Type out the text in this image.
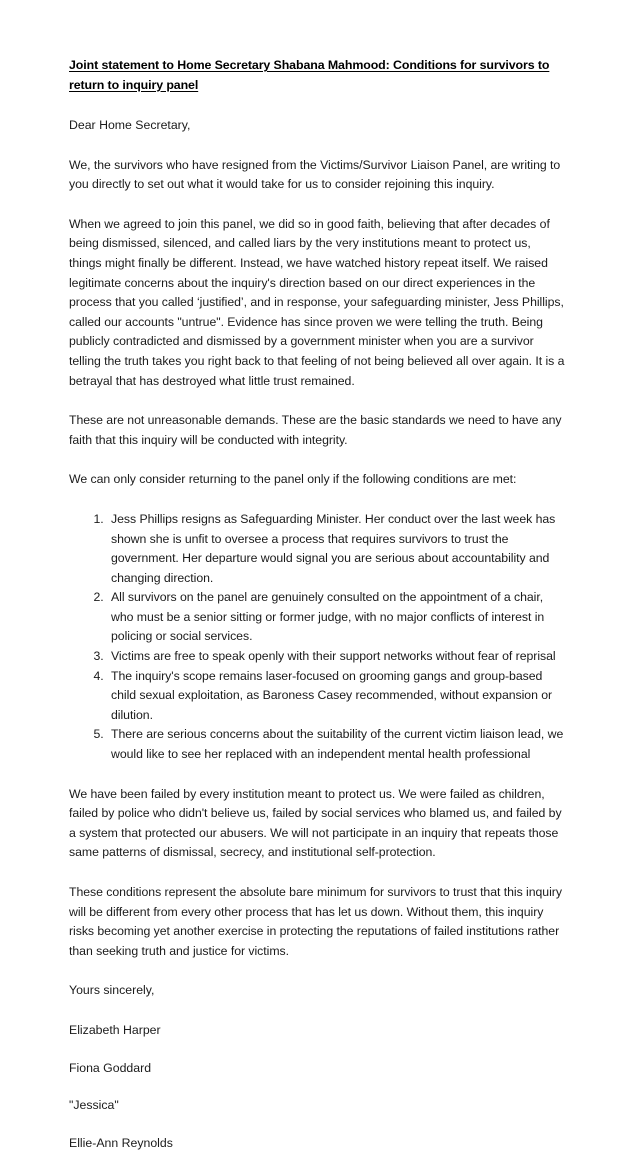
Joint statement to Home Secretary Shabana Mahmood: Conditions for survivors to
return to inquiry panel

Dear Home Secretary,

We, the survivors who have resigned from the Victims/Survivor Liaison Panel, are writing to you directly to set out what it would take for us to consider rejoining this inquiry.

When we agreed to join this panel, we did so in good faith, believing that after decades of being dismissed, silenced, and called liars by the very institutions meant to protect us, things might finally be different. Instead, we have watched history repeat itself. We raised legitimate concerns about the inquiry's direction based on our direct experiences in the process that you called ‘justified’, and in response, your safeguarding minister, Jess Phillips, called our accounts "untrue". Evidence has since proven we were telling the truth. Being publicly contradicted and dismissed by a government minister when you are a survivor telling the truth takes you right back to that feeling of not being believed all over again. It is a betrayal that has destroyed what little trust remained.

These are not unreasonable demands. These are the basic standards we need to have any faith that this inquiry will be conducted with integrity.

We can only consider returning to the panel only if the following conditions are met:

1. Jess Phillips resigns as Safeguarding Minister. Her conduct over the last week has shown she is unfit to oversee a process that requires survivors to trust the government. Her departure would signal you are serious about accountability and changing direction.
2. All survivors on the panel are genuinely consulted on the appointment of a chair, who must be a senior sitting or former judge, with no major conflicts of interest in policing or social services.
3. Victims are free to speak openly with their support networks without fear of reprisal
4. The inquiry's scope remains laser-focused on grooming gangs and group-based child sexual exploitation, as Baroness Casey recommended, without expansion or dilution.
5. There are serious concerns about the suitability of the current victim liaison lead, we would like to see her replaced with an independent mental health professional

We have been failed by every institution meant to protect us. We were failed as children, failed by police who didn't believe us, failed by social services who blamed us, and failed by a system that protected our abusers. We will not participate in an inquiry that repeats those same patterns of dismissal, secrecy, and institutional self-protection.

These conditions represent the absolute bare minimum for survivors to trust that this inquiry will be different from every other process that has let us down. Without them, this inquiry risks becoming yet another exercise in protecting the reputations of failed institutions rather than seeking truth and justice for victims.

Yours sincerely,

Elizabeth Harper

Fiona Goddard

"Jessica"

Ellie-Ann Reynolds
